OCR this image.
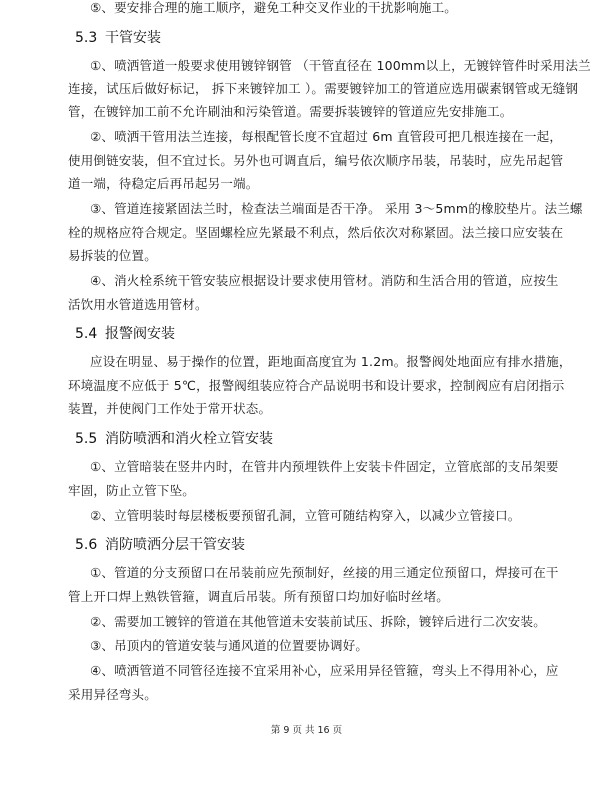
⑤、要安排合理的施工顺序，避免工种交叉作业的干扰影响施工。
5.3 干管安装
①、喷洒管道一般要求使用镀锌钢管 （干管直径在 100mm以上，无镀锌管件时采用法兰
连接，试压后做好标记， 拆下来镀锌加工 ）。需要镀锌加工的管道应选用碳素钢管或无缝钢
管，在镀锌加工前不允许刷油和污染管道。需要拆装镀锌的管道应先安排施工。
②、喷洒干管用法兰连接，每根配管长度不宜超过 6m 直管段可把几根连接在一起，
使用倒链安装，但不宜过长。另外也可调直后，编号依次顺序吊装，吊装时，应先吊起管
道一端，待稳定后再吊起另一端。
③、管道连接紧固法兰时，检查法兰端面是否干净。 采用 3～5mm的橡胶垫片。法兰螺
栓的规格应符合规定。坚固螺栓应先紧最不利点，然后依次对称紧固。法兰接口应安装在
易拆装的位置。
④、消火栓系统干管安装应根据设计要求使用管材。消防和生活合用的管道，应按生
活饮用水管道选用管材。
5.4 报警阀安装
应设在明显、易于操作的位置，距地面高度宜为 1.2m。报警阀处地面应有排水措施，
环境温度不应低于 5℃，报警阀组装应符合产品说明书和设计要求，控制阀应有启闭指示
装置，并使阀门工作处于常开状态。
5.5 消防喷洒和消火栓立管安装
①、立管暗装在竖井内时，在管井内预埋铁件上安装卡件固定，立管底部的支吊架要
牢固，防止立管下坠。
②、立管明装时每层楼板要预留孔洞，立管可随结构穿入，以减少立管接口。
5.6 消防喷洒分层干管安装
①、管道的分支预留口在吊装前应先预制好，丝接的用三通定位预留口，焊接可在干
管上开口焊上熟铁管箍，调直后吊装。所有预留口均加好临时丝堵。
②、需要加工镀锌的管道在其他管道未安装前试压、拆除，镀锌后进行二次安装。
③、吊顶内的管道安装与通风道的位置要协调好。
④、喷洒管道不同管径连接不宜采用补心，应采用异径管箍，弯头上不得用补心，应
采用异径弯头。
第 9 页 共 16 页
